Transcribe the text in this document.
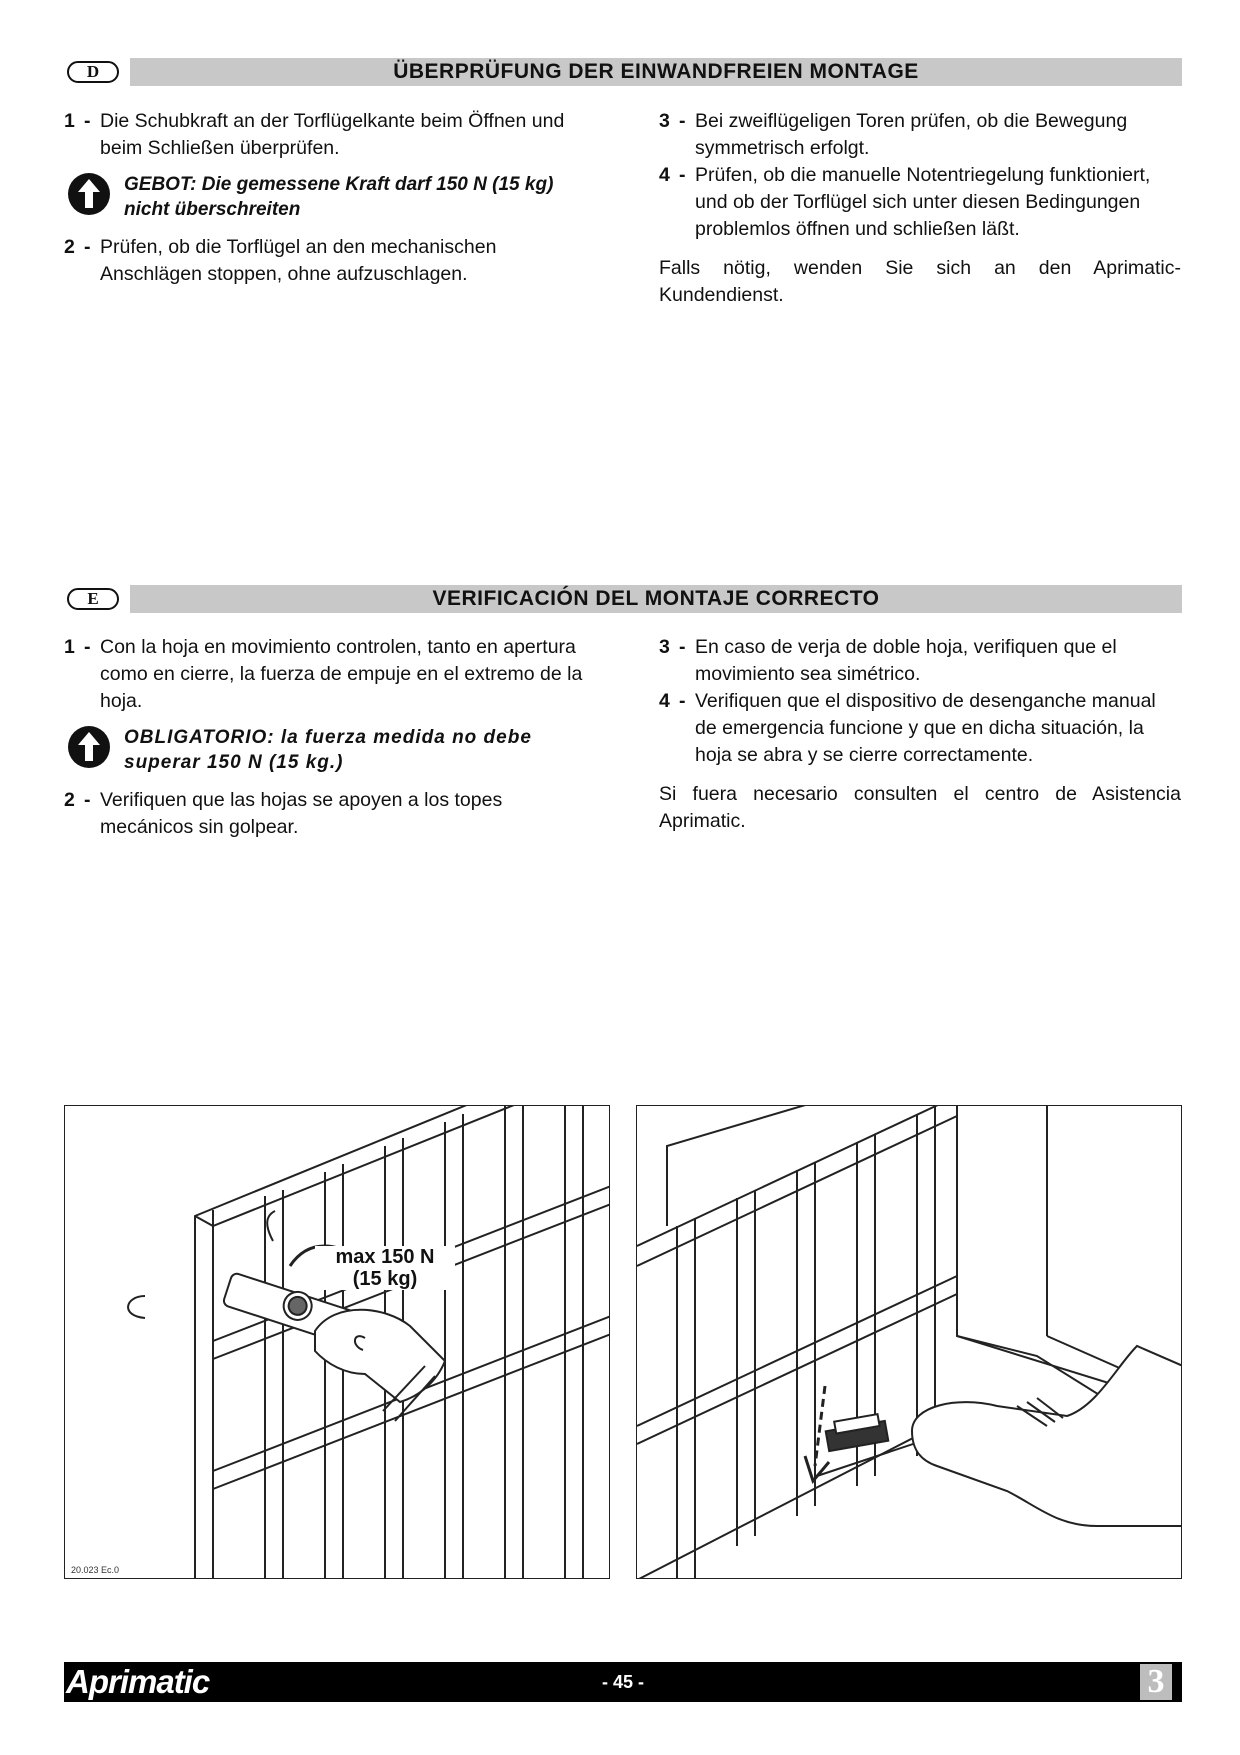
D	ÜBERPRÜFUNG DER EINWANDFREIEN MONTAGE
1 - Die Schubkraft an der Torflügelkante beim Öffnen und beim Schließen überprüfen.
GEBOT: Die gemessene Kraft darf 150 N (15 kg) nicht überschreiten
2 - Prüfen, ob die Torflügel an den mechanischen Anschlägen stoppen, ohne aufzuschlagen.
3 - Bei zweiflügeligen Toren prüfen, ob die Bewegung symmetrisch erfolgt.
4 - Prüfen, ob die manuelle Notentriegelung funktioniert, und ob der Torflügel sich unter diesen Bedingungen problemlos öffnen und schließen läßt.

Falls nötig, wenden Sie sich an den Aprimatic-Kundendienst.

E	VERIFICACIÓN DEL MONTAJE CORRECTO
1 - Con la hoja en movimiento controlen, tanto en apertura como en cierre, la fuerza de empuje en el extremo de la hoja.
OBLIGATORIO: la fuerza medida no debe superar 150 N (15 kg.)
2 - Verifiquen que las hojas se apoyen a los topes mecánicos sin golpear.
3 - En caso de verja de doble hoja, verifiquen que el movimiento sea simétrico.
4 - Verifiquen que el dispositivo de desenganche manual de emergencia funcione y que en dicha situación, la hoja se abra y se cierre correctamente.

Si fuera necesario consulten el centro de Asistencia Aprimatic.

max 150 N
(15 kg)
20.023 Ec.0
Aprimatic	- 45 -	3
